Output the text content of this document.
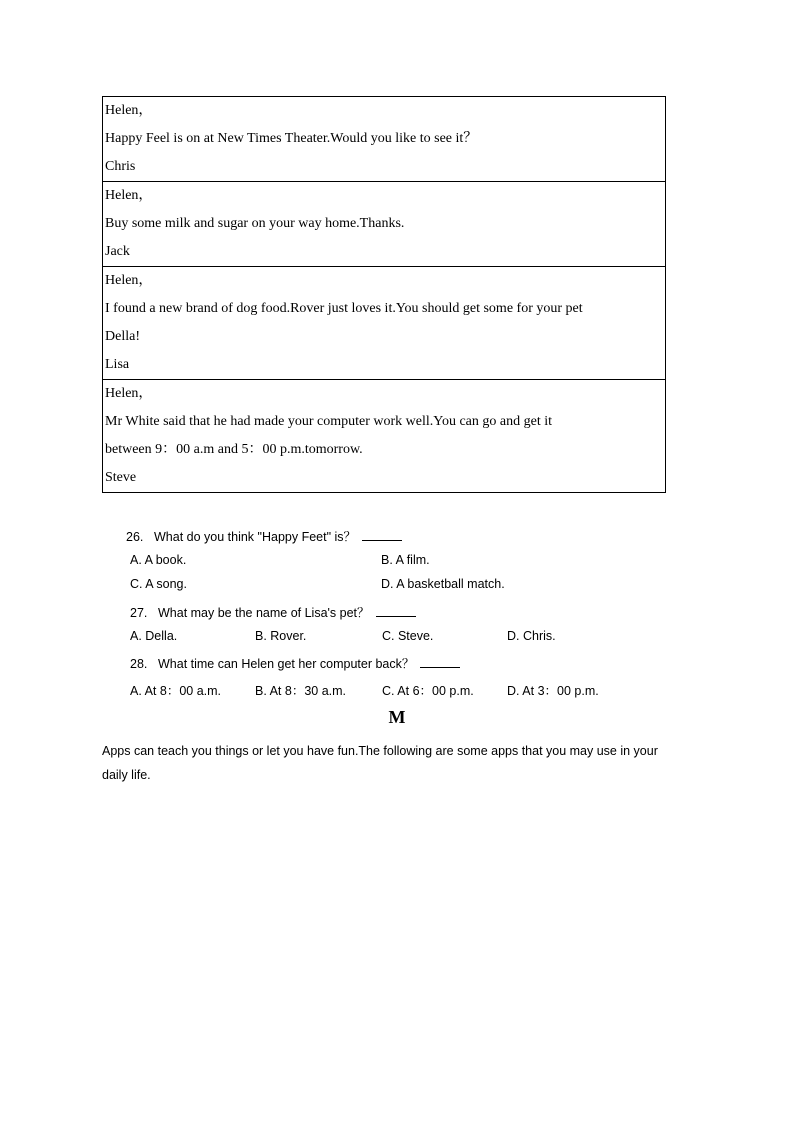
Helen，
Happy Feel is on at New Times Theater.Would you like to see it？
Chris
Helen，
Buy some milk and sugar on your way home.Thanks.
Jack
Helen，
I found a new brand of dog food.Rover just loves it.You should get some for your pet
Della!
Lisa
Helen，
Mr White said that he had made your computer work well.You can go and get it
between 9：00 a.m and 5：00 p.m.tomorrow.
Steve
26. What do you think "Happy Feet" is？
A. A book.	B. A film.
C. A song.	D. A basketball match.
27. What may be the name of Lisa's pet？
A. Della.	B. Rover.	C. Steve.	D. Chris.
28. What time can Helen get her computer back？
A. At 8：00 a.m.	B. At 8：30 a.m.	C. At 6：00 p.m.	D. At 3：00 p.m.
M
Apps can teach you things or let you have fun.The following are some apps that you may use in your daily life.
